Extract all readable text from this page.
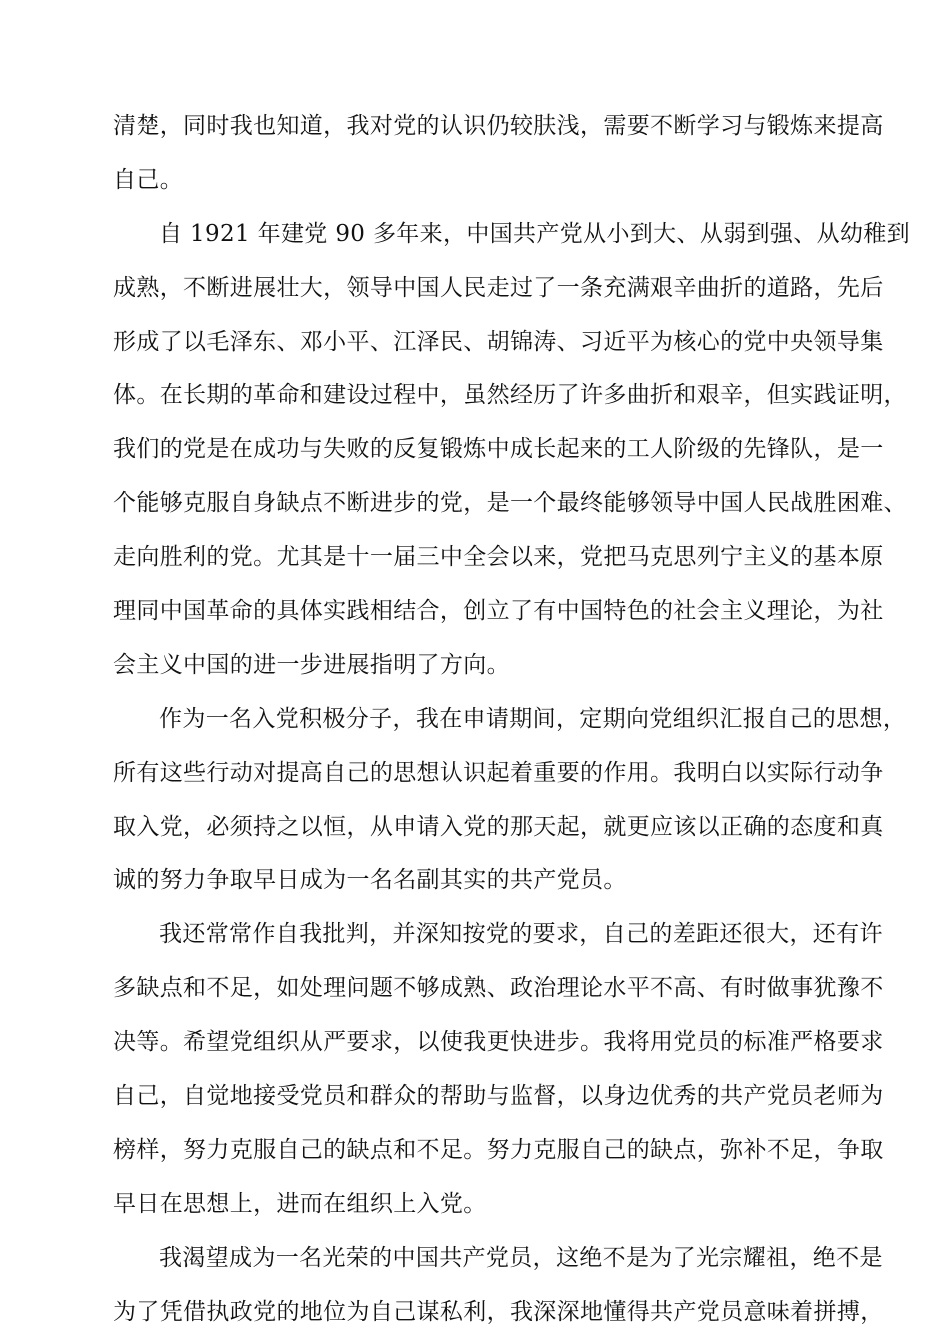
清楚，同时我也知道，我对党的认识仍较肤浅，需要不断学习与锻炼来提高
自己。
自 1921 年建党 90 多年来，中国共产党从小到大、从弱到强、从幼稚到
成熟，不断进展壮大，领导中国人民走过了一条充满艰辛曲折的道路，先后
形成了以毛泽东、邓小平、江泽民、胡锦涛、习近平为核心的党中央领导集
体。在长期的革命和建设过程中，虽然经历了许多曲折和艰辛，但实践证明，
我们的党是在成功与失败的反复锻炼中成长起来的工人阶级的先锋队，是一
个能够克服自身缺点不断进步的党，是一个最终能够领导中国人民战胜困难、
走向胜利的党。尤其是十一届三中全会以来，党把马克思列宁主义的基本原
理同中国革命的具体实践相结合，创立了有中国特色的社会主义理论，为社
会主义中国的进一步进展指明了方向。
作为一名入党积极分子，我在申请期间，定期向党组织汇报自己的思想，
所有这些行动对提高自己的思想认识起着重要的作用。我明白以实际行动争
取入党，必须持之以恒，从申请入党的那天起，就更应该以正确的态度和真
诚的努力争取早日成为一名名副其实的共产党员。
我还常常作自我批判，并深知按党的要求，自己的差距还很大，还有许
多缺点和不足，如处理问题不够成熟、政治理论水平不高、有时做事犹豫不
决等。希望党组织从严要求，以使我更快进步。我将用党员的标准严格要求
自己，自觉地接受党员和群众的帮助与监督，以身边优秀的共产党员老师为
榜样，努力克服自己的缺点和不足。努力克服自己的缺点，弥补不足，争取
早日在思想上，进而在组织上入党。
我渴望成为一名光荣的中国共产党员，这绝不是为了光宗耀祖，绝不是
为了凭借执政党的地位为自己谋私利，我深深地懂得共产党员意味着拼搏，
